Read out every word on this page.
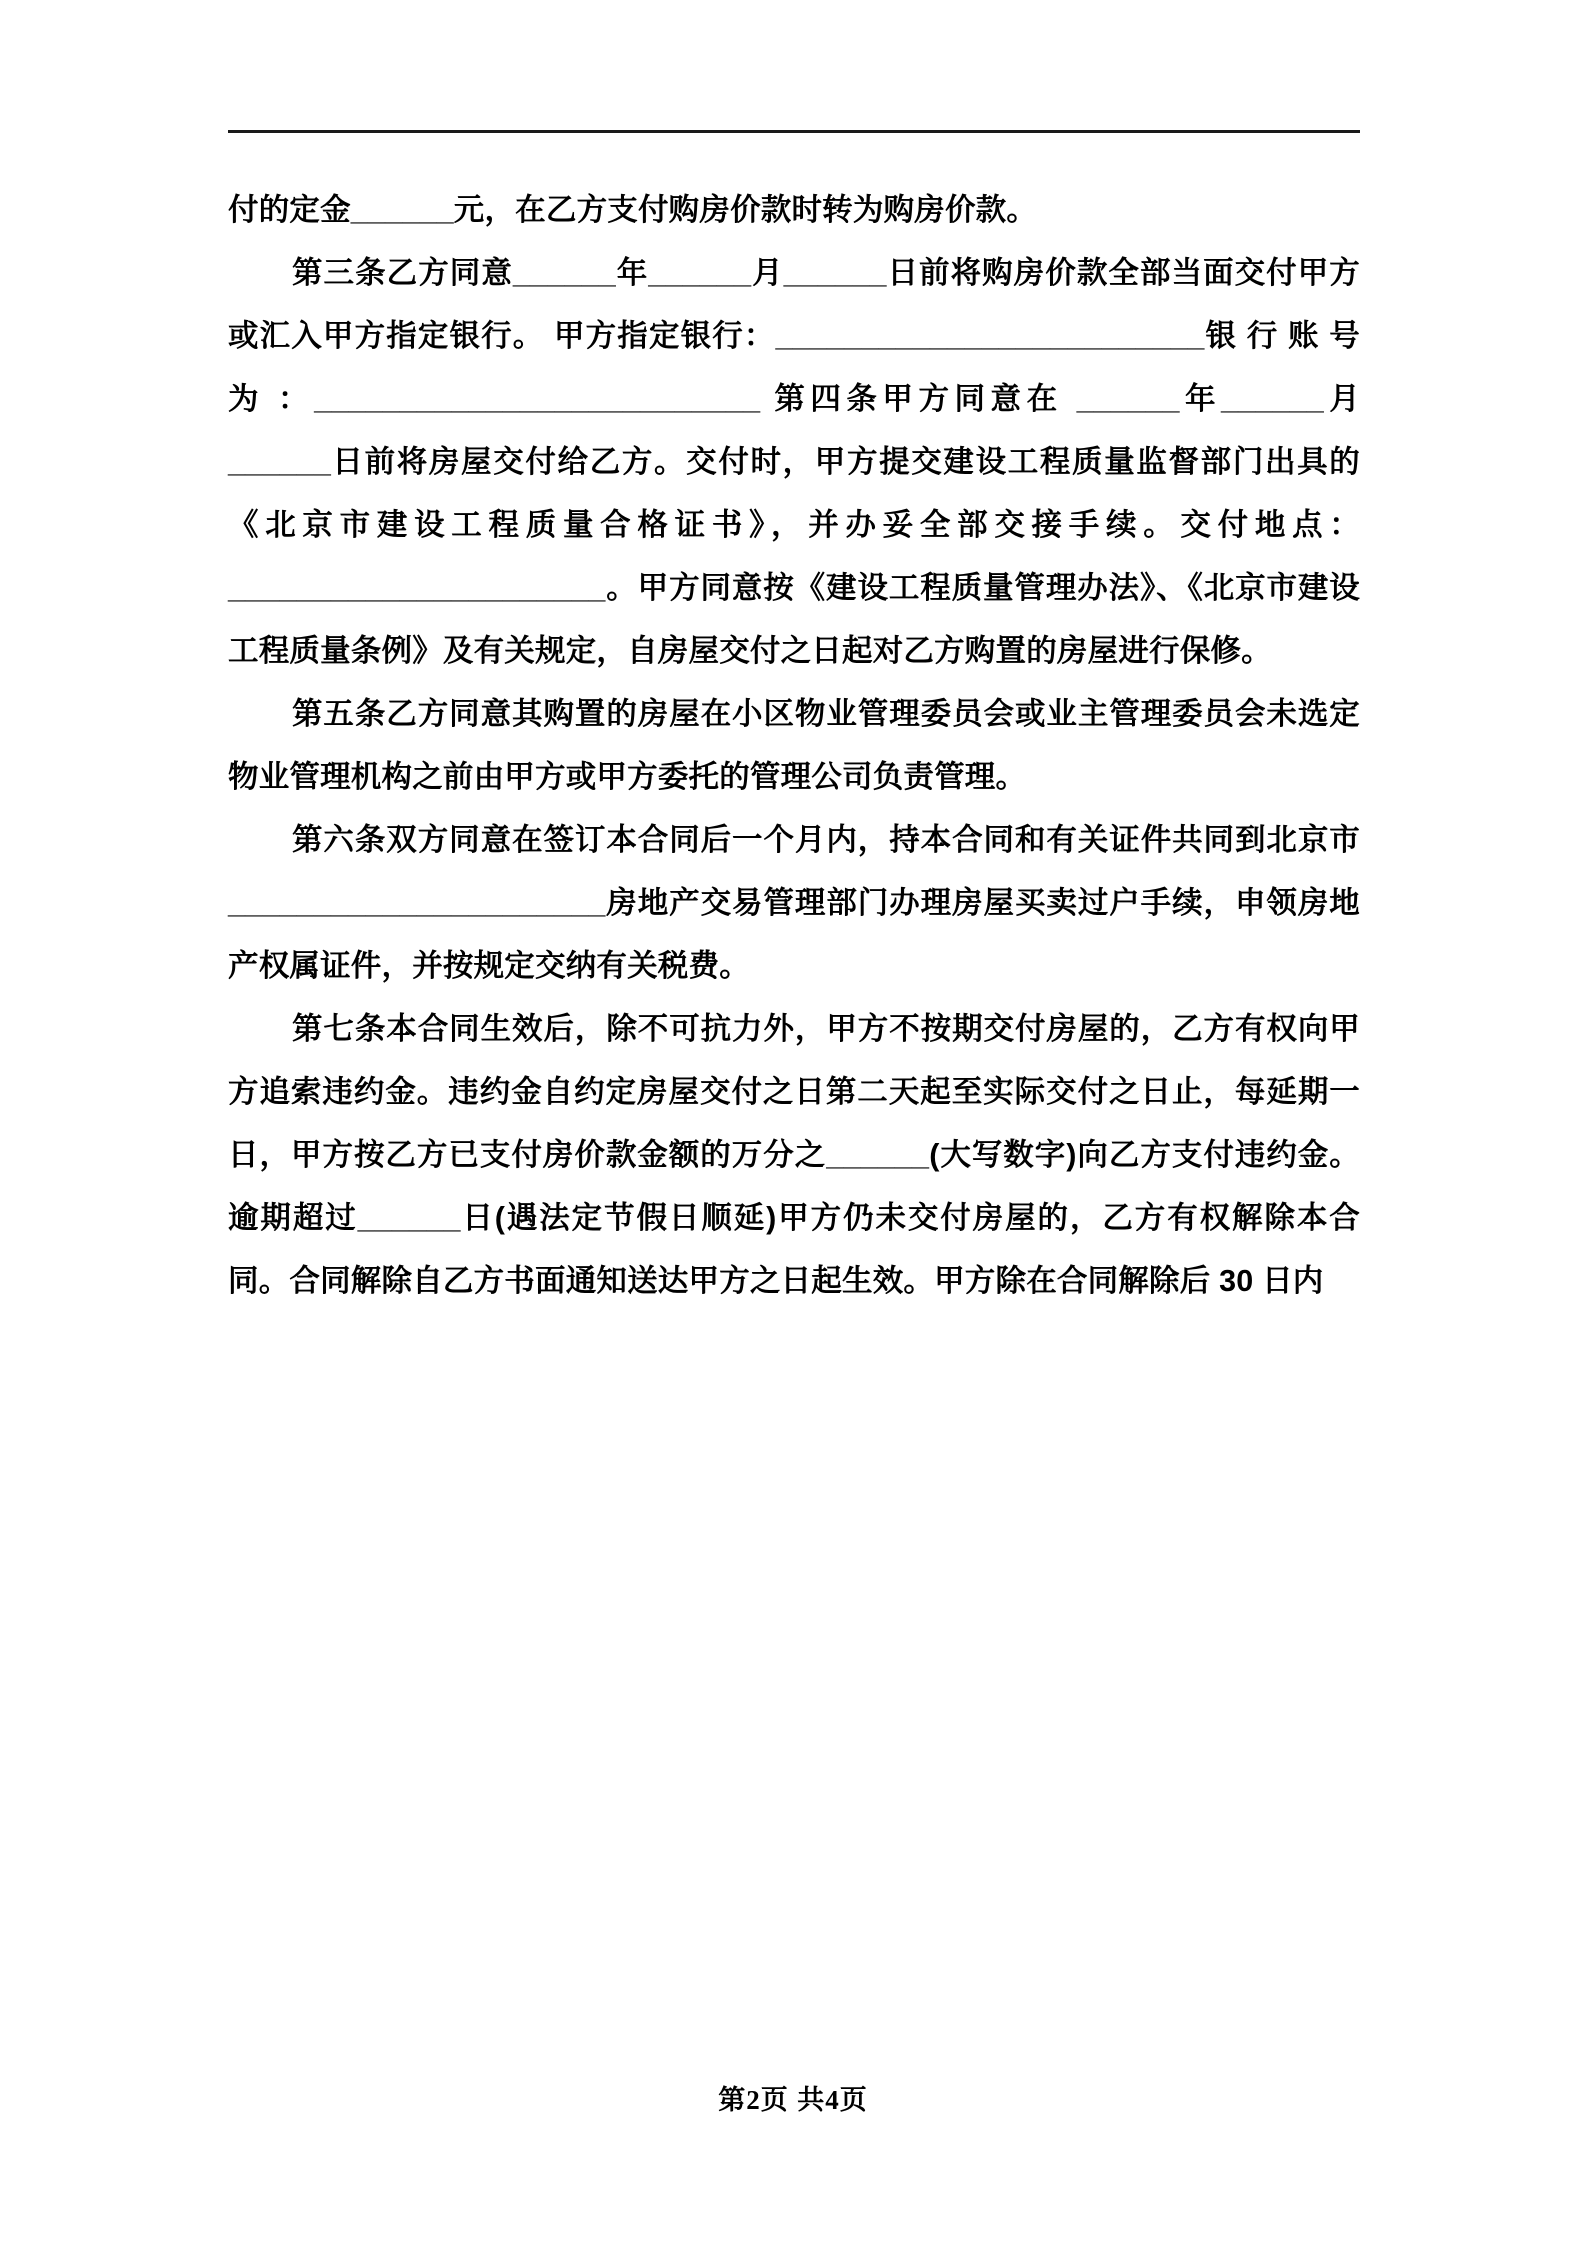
付的定金______元，在乙方支付购房价款时转为购房价款。

第三条乙方同意______年______月______日前将购房价款全部当面交付甲方或汇入甲方指定银行。 甲方指定银行：_________________________银 行 账 号 为 ：__________________________ 第四条甲方同意在 ______年______月______日前将房屋交付给乙方。交付时，甲方提交建设工程质量监督部门出具的《北京市建设工程质量合格证书》，并办妥全部交接手续。交付地点：______________________。甲方同意按《建设工程质量管理办法》、《北京市建设工程质量条例》及有关规定，自房屋交付之日起对乙方购置的房屋进行保修。

第五条乙方同意其购置的房屋在小区物业管理委员会或业主管理委员会未选定物业管理机构之前由甲方或甲方委托的管理公司负责管理。

第六条双方同意在签订本合同后一个月内，持本合同和有关证件共同到北京市______________________房地产交易管理部门办理房屋买卖过户手续，申领房地产权属证件，并按规定交纳有关税费。

第七条本合同生效后，除不可抗力外，甲方不按期交付房屋的，乙方有权向甲方追索违约金。违约金自约定房屋交付之日第二天起至实际交付之日止，每延期一日，甲方按乙方已支付房价款金额的万分之______(大写数字)向乙方支付违约金。逾期超过______日(遇法定节假日顺延)甲方仍未交付房屋的，乙方有权解除本合同。合同解除自乙方书面通知送达甲方之日起生效。甲方除在合同解除后 30 日内

第2页 共4页
